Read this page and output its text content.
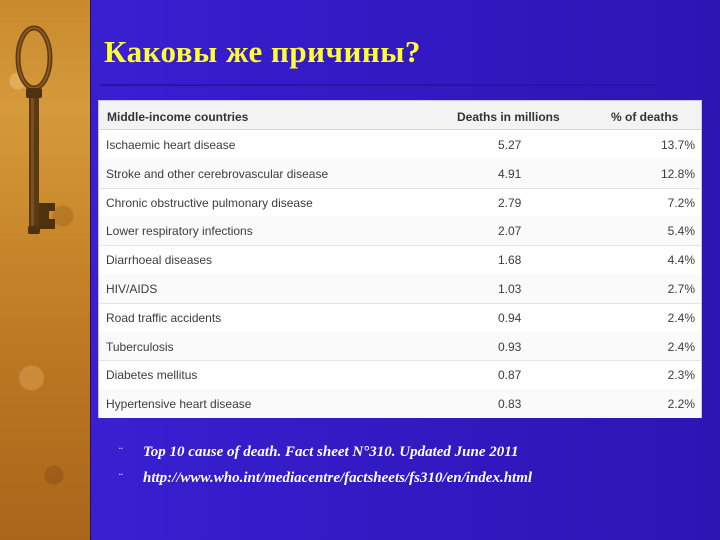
Каковы же причины?
Middle-income countries	Deaths in millions	% of deaths
Ischaemic heart disease	5.27	13.7%
Stroke and other cerebrovascular disease	4.91	12.8%
Chronic obstructive pulmonary disease	2.79	7.2%
Lower respiratory infections	2.07	5.4%
Diarrhoeal diseases	1.68	4.4%
HIV/AIDS	1.03	2.7%
Road traffic accidents	0.94	2.4%
Tuberculosis	0.93	2.4%
Diabetes mellitus	0.87	2.3%
Hypertensive heart disease	0.83	2.2%
¨ Top 10 cause of death. Fact sheet N°310. Updated June 2011
¨ http://www.who.int/mediacentre/factsheets/fs310/en/index.html
